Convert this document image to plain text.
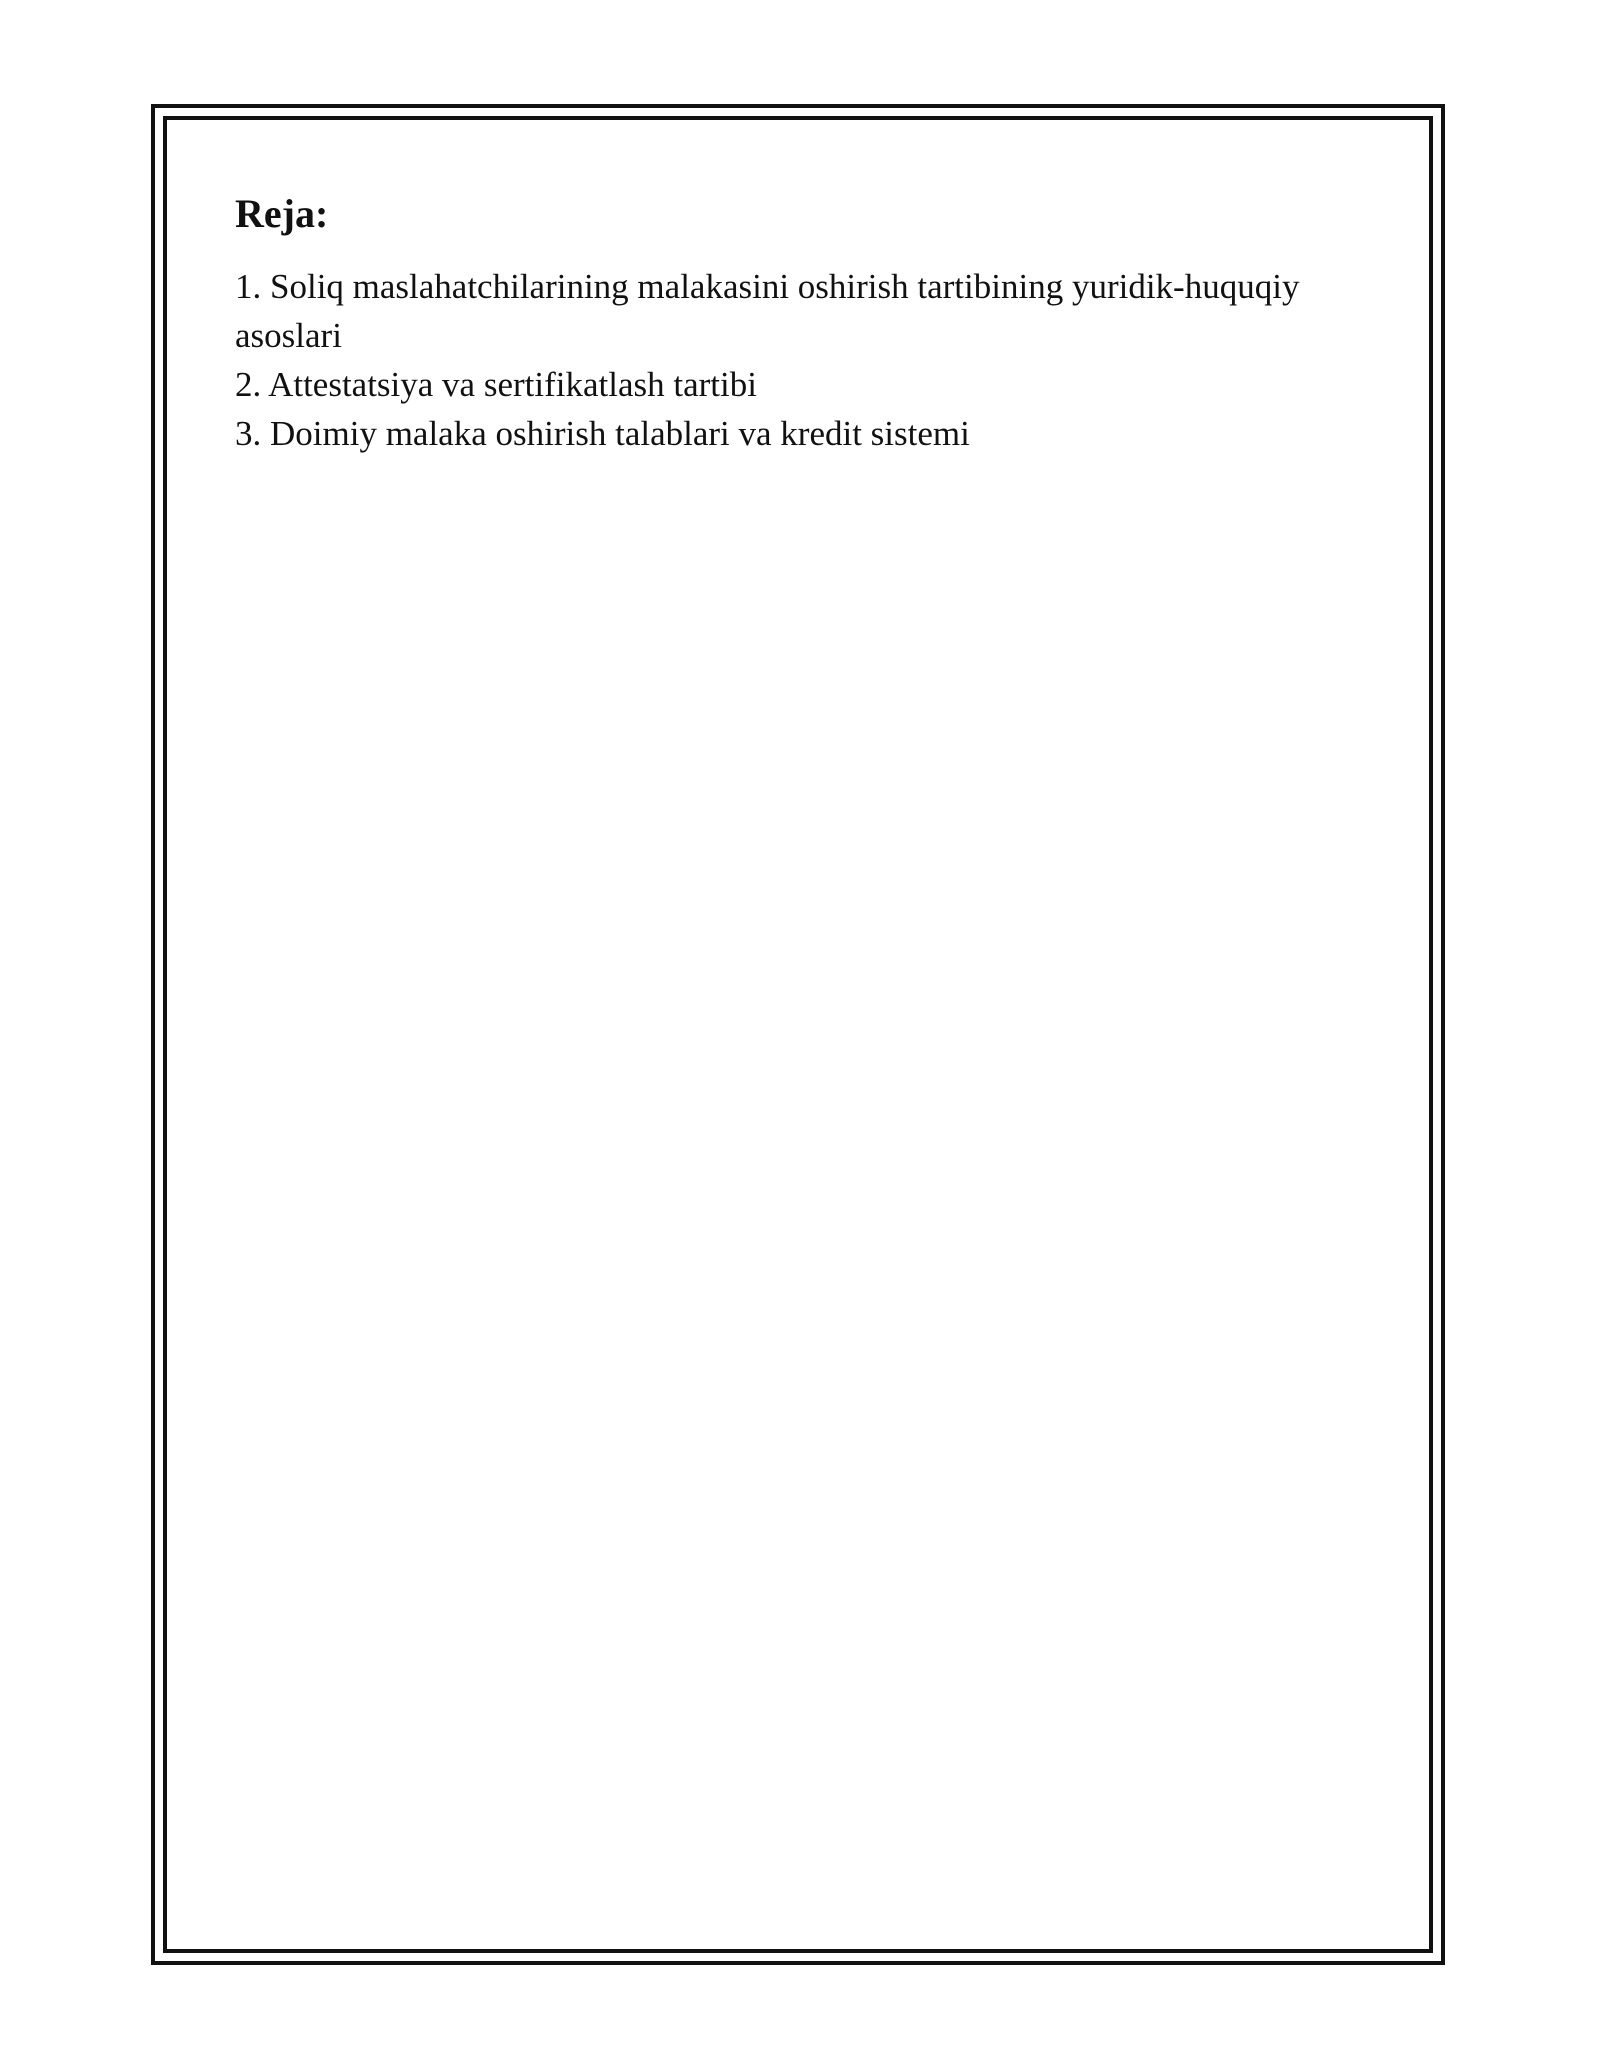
Reja:
1. Soliq maslahatchilarining malakasini oshirish tartibining yuridik-huquqiy asoslari
2. Attestatsiya va sertifikatlash tartibi
3. Doimiy malaka oshirish talablari va kredit sistemi
